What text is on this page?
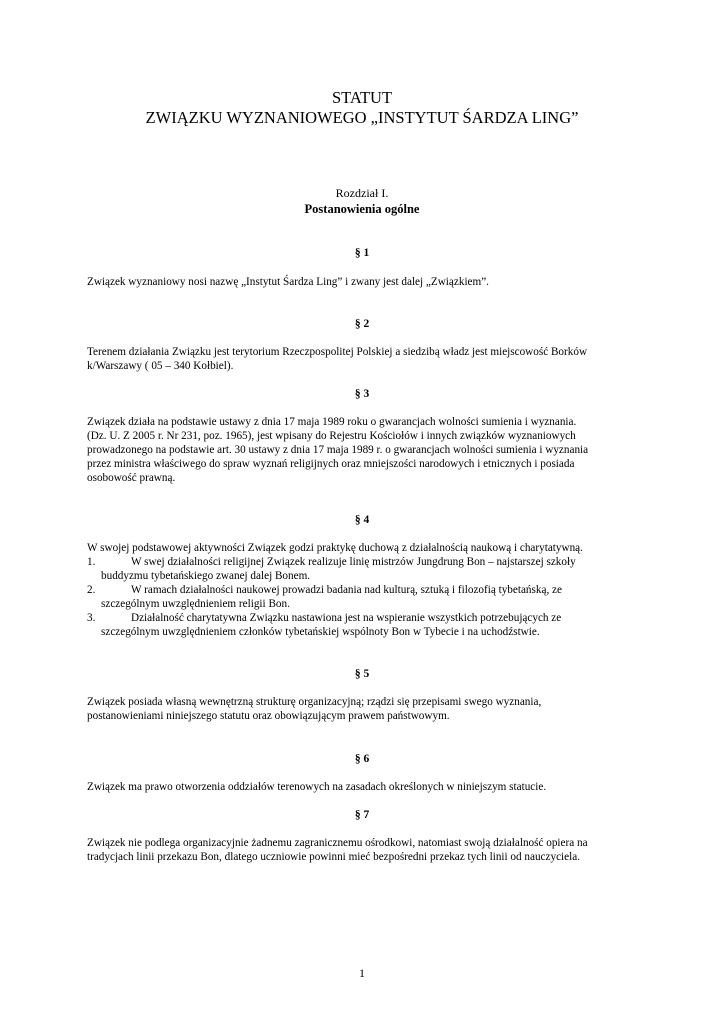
STATUT
ZWIĄZKU WYZNANIOWEGO „INSTYTUT ŚARDZA LING”
Rozdział I.
Postanowienia ogólne
§ 1
Związek wyznaniowy nosi nazwę „Instytut Śardza Ling” i zwany jest dalej „Związkiem”.
§ 2
Terenem działania Związku jest terytorium Rzeczpospolitej Polskiej a siedzibą władz jest miejscowość Borków
k/Warszawy ( 05 – 340 Kołbiel).
§ 3
Związek działa na podstawie ustawy z dnia 17 maja 1989 roku o gwarancjach wolności sumienia i wyznania.
(Dz. U. Z 2005 r. Nr 231, poz. 1965), jest wpisany do Rejestru Kościołów i innych związków wyznaniowych
prowadzonego na podstawie art. 30 ustawy z dnia 17 maja 1989 r. o gwarancjach wolności sumienia i wyznania
przez ministra właściwego do spraw wyznań religijnych oraz mniejszości narodowych i etnicznych i posiada
osobowość prawną.
§ 4
W swojej podstawowej aktywności Związek godzi praktykę duchową z działalnością naukową i charytatywną.
1.	W swej działalności religijnej Związek realizuje linię mistrzów Jungdrung Bon – najstarszej szkoły
buddyzmu tybetańskiego zwanej dalej Bonem.
2.	W ramach działalności naukowej prowadzi badania nad kulturą, sztuką i filozofią tybetańską, ze
szczególnym uwzględnieniem religii Bon.
3.	Działalność charytatywna Związku nastawiona jest na wspieranie wszystkich potrzebujących ze
szczególnym uwzględnieniem członków tybetańskiej wspólnoty Bon w Tybecie i na uchodźstwie.
§ 5
Związek posiada własną wewnętrzną strukturę organizacyjną; rządzi się przepisami swego wyznania,
postanowieniami niniejszego statutu oraz obowiązującym prawem państwowym.
§ 6
Związek ma prawo otworzenia oddziałów terenowych na zasadach określonych w niniejszym statucie.
§ 7
Związek nie podlega organizacyjnie żadnemu zagranicznemu ośrodkowi, natomiast swoją działalność opiera na
tradycjach linii przekazu Bon, dlatego uczniowie powinni mieć bezpośredni przekaz tych linii od nauczyciela.
1
